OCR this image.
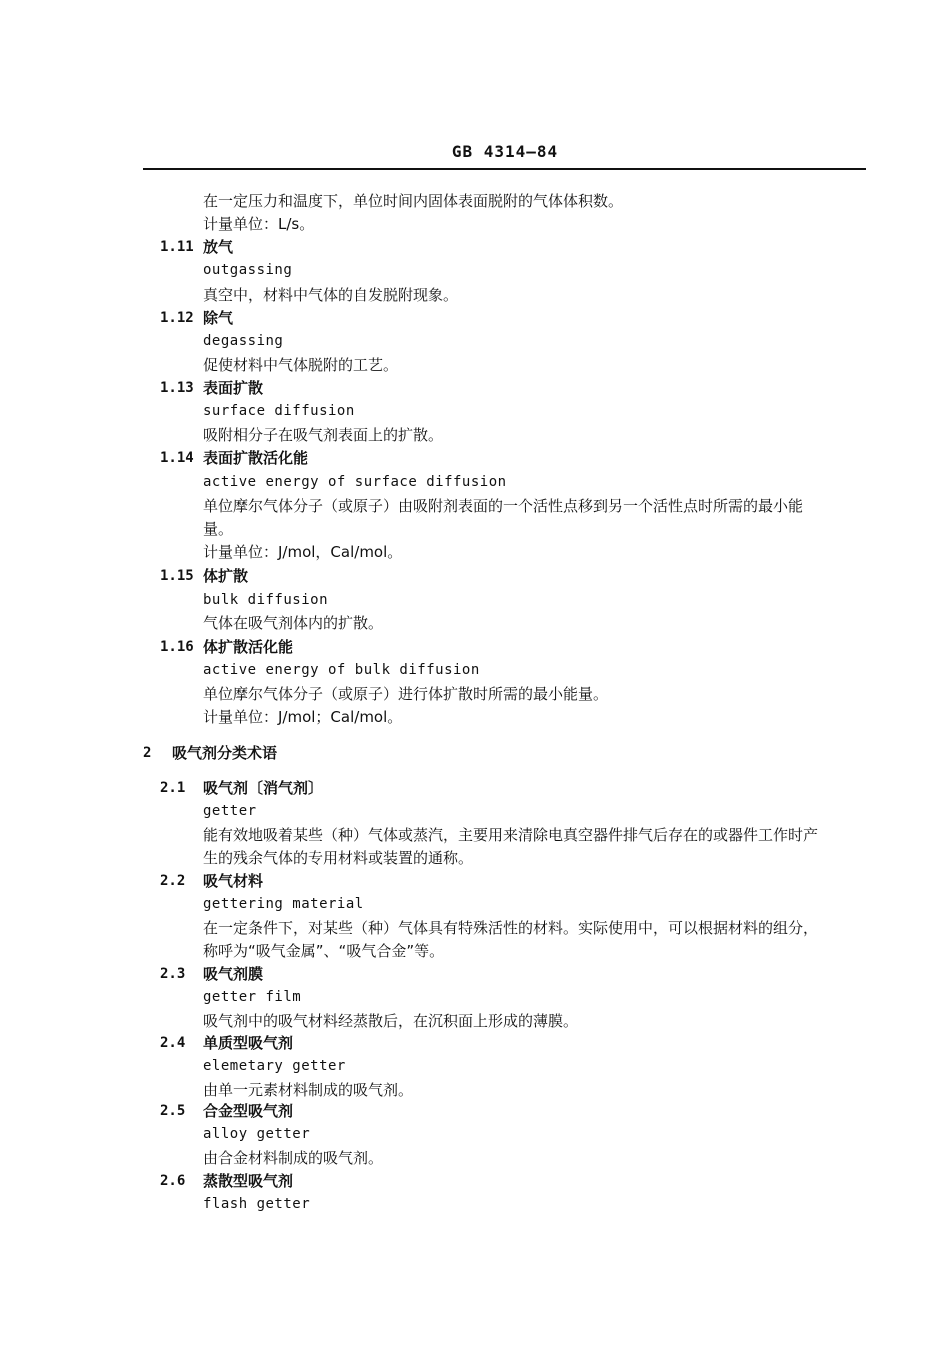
GB 4314—84
在一定压力和温度下，单位时间内固体表面脱附的气体体积数。
计量单位：L/s。
1.11 放气
outgassing
真空中，材料中气体的自发脱附现象。
1.12 除气
degassing
促使材料中气体脱附的工艺。
1.13 表面扩散
surface diffusion
吸附相分子在吸气剂表面上的扩散。
1.14 表面扩散活化能
active energy of surface diffusion
单位摩尔气体分子（或原子）由吸附剂表面的一个活性点移到另一个活性点时所需的最小能
量。
计量单位：J/mol，Cal/mol。
1.15 体扩散
bulk diffusion
气体在吸气剂体内的扩散。
1.16 体扩散活化能
active energy of bulk diffusion
单位摩尔气体分子（或原子）进行体扩散时所需的最小能量。
计量单位：J/mol；Cal/mol。
2 吸气剂分类术语
2.1 吸气剂〔消气剂〕
getter
能有效地吸着某些（种）气体或蒸汽，主要用来清除电真空器件排气后存在的或器件工作时产
生的残余气体的专用材料或装置的通称。
2.2 吸气材料
gettering material
在一定条件下，对某些（种）气体具有特殊活性的材料。实际使用中，可以根据材料的组分，
称呼为“吸气金属”、“吸气合金”等。
2.3 吸气剂膜
getter film
吸气剂中的吸气材料经蒸散后，在沉积面上形成的薄膜。
2.4 单质型吸气剂
elemetary getter
由单一元素材料制成的吸气剂。
2.5 合金型吸气剂
alloy getter
由合金材料制成的吸气剂。
2.6 蒸散型吸气剂
flash getter
